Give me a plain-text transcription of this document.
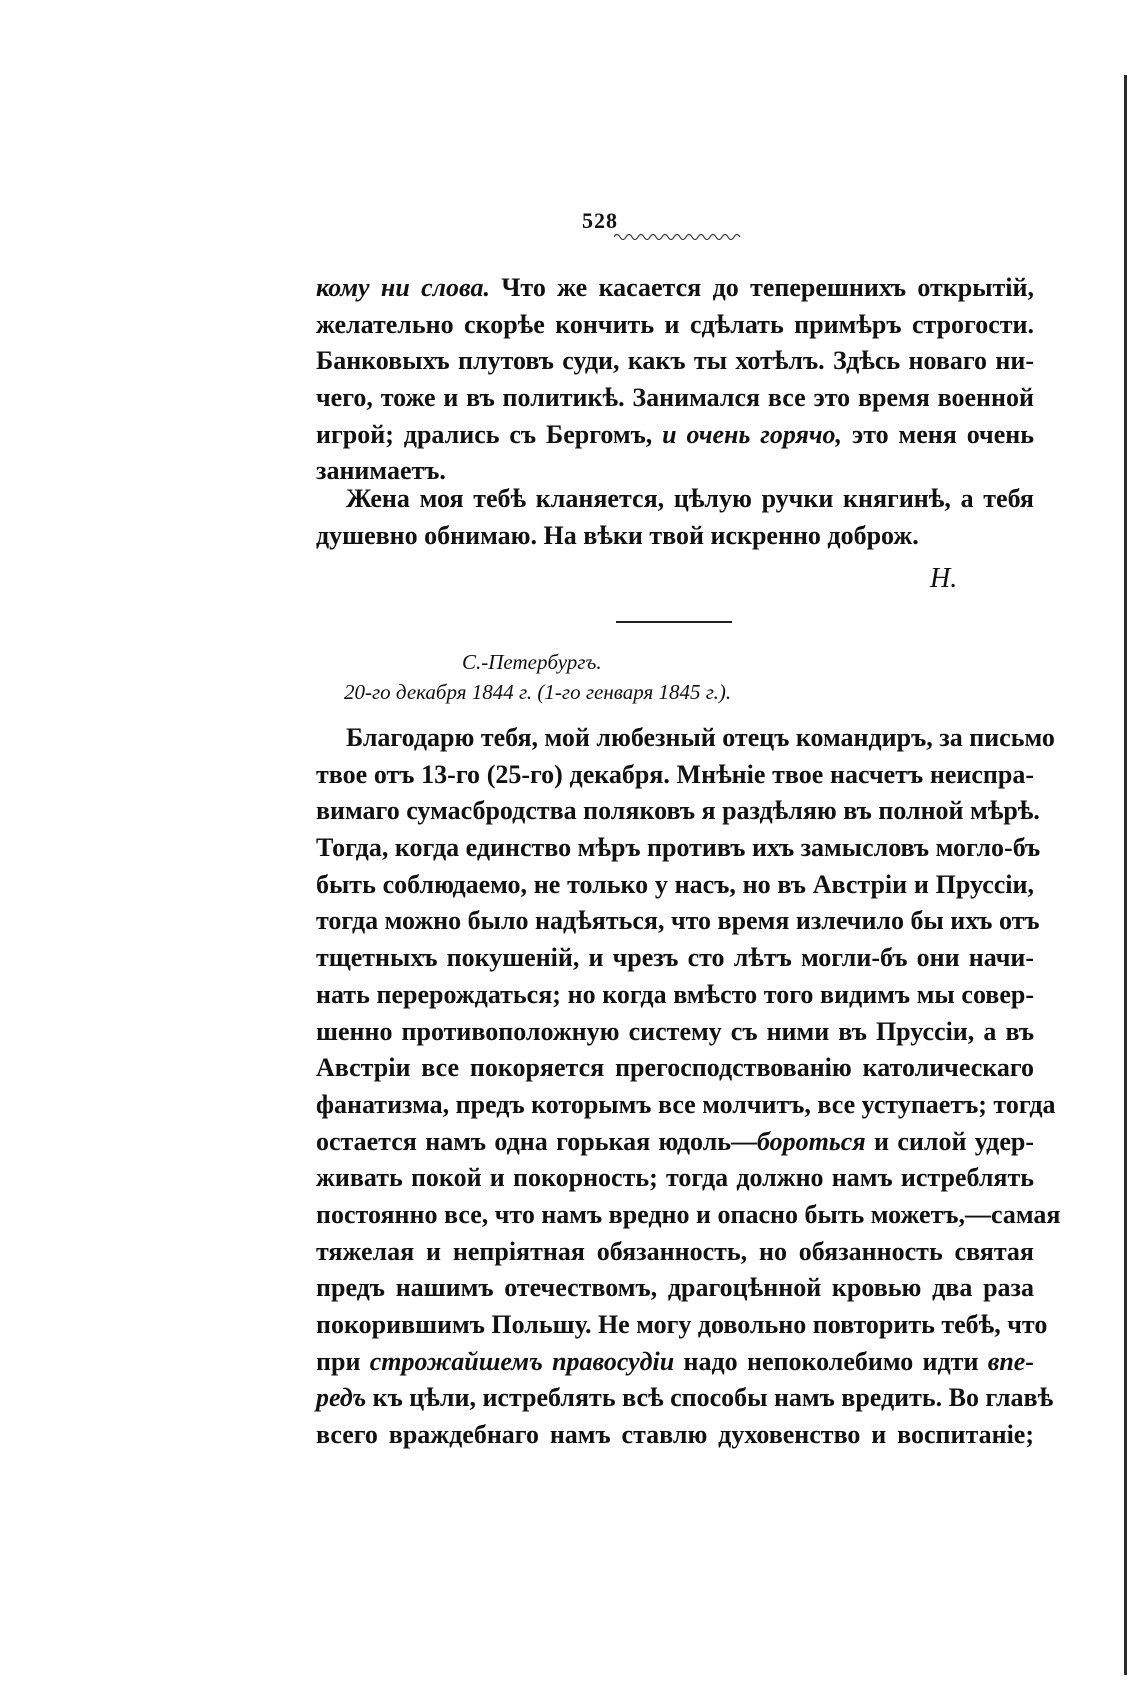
528
кому ни слова. Что же касается до теперешнихъ открытій,
желательно скорѣе кончить и сдѣлать примѣръ строгости.
Банковыхъ плутовъ суди, какъ ты хотѣлъ. Здѣсь новаго ни-
чего, тоже и въ политикѣ. Занимался все это время военной
игрой; дрались съ Бергомъ, и очень горячо, это меня очень
занимаетъ.
Жена моя тебѣ кланяется, цѣлую ручки княгинѣ, а тебя
душевно обнимаю. На вѣки твой искренно доброж.
Н.
С.-Петербургъ.
20-го декабря 1844 г. (1-го генваря 1845 г.).
Благодарю тебя, мой любезный отецъ командиръ, за письмо
твое отъ 13-го (25-го) декабря. Мнѣніе твое насчетъ неиспра-
вимаго сумасбродства поляковъ я раздѣляю въ полной мѣрѣ.
Тогда, когда единство мѣръ противъ ихъ замысловъ могло-бъ
быть соблюдаемо, не только у насъ, но въ Австріи и Пруссіи,
тогда можно было надѣяться, что время излечило бы ихъ отъ
тщетныхъ покушеній, и чрезъ сто лѣтъ могли-бъ они начи-
нать перерождаться; но когда вмѣсто того видимъ мы совер-
шенно противоположную систему съ ними въ Пруссіи, а въ
Австріи все покоряется прегосподствованію католическаго
фанатизма, предъ которымъ все молчитъ, все уступаетъ; тогда
остается намъ одна горькая юдоль—бороться и силой удер-
живать покой и покорность; тогда должно намъ истреблять
постоянно все, что намъ вредно и опасно быть можетъ,—самая
тяжелая и непріятная обязанность, но обязанность святая
предъ нашимъ отечествомъ, драгоцѣнной кровью два раза
покорившимъ Польшу. Не могу довольно повторить тебѣ, что
при строжайшемъ правосудіи надо непоколебимо идти впе-
редъ къ цѣли, истреблять всѣ способы намъ вредить. Во главѣ
всего враждебнаго намъ ставлю духовенство и воспитаніе;
